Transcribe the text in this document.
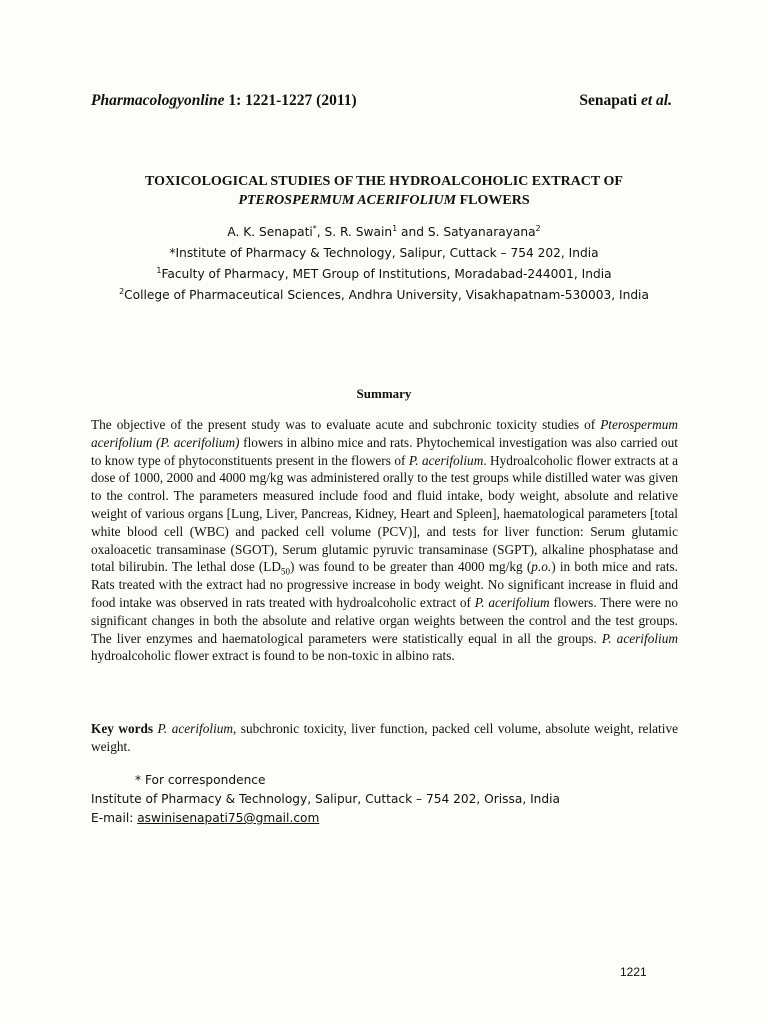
Pharmacologyonline 1: 1221-1227 (2011)	Senapati et al.
TOXICOLOGICAL STUDIES OF THE HYDROALCOHOLIC EXTRACT OF
PTEROSPERMUM ACERIFOLIUM FLOWERS
A. K. Senapati*, S. R. Swain$^1$ and S. Satyanarayana$^2$
*Institute of Pharmacy & Technology, Salipur, Cuttack – 754 202, India
$^1$Faculty of Pharmacy, MET Group of Institutions, Moradabad-244001, India
$^2$College of Pharmaceutical Sciences, Andhra University, Visakhapatnam-530003, India
Summary
The objective of the present study was to evaluate acute and subchronic toxicity studies of Pterospermum acerifolium (P. acerifolium) flowers in albino mice and rats. Phytochemical investigation was also carried out to know type of phytoconstituents present in the flowers of P. acerifolium. Hydroalcoholic flower extracts at a dose of 1000, 2000 and 4000 mg/kg was administered orally to the test groups while distilled water was given to the control. The parameters measured include food and fluid intake, body weight, absolute and relative weight of various organs [Lung, Liver, Pancreas, Kidney, Heart and Spleen], haematological parameters [total white blood cell (WBC) and packed cell volume (PCV)], and tests for liver function: Serum glutamic oxaloacetic transaminase (SGOT), Serum glutamic pyruvic transaminase (SGPT), alkaline phosphatase and total bilirubin. The lethal dose $(LD_{50})$ was found to be greater than 4000 mg/kg (p.o.) in both mice and rats. Rats treated with the extract had no progressive increase in body weight. No significant increase in fluid and food intake was observed in rats treated with hydroalcoholic extract of P. acerifolium flowers. There were no significant changes in both the absolute and relative organ weights between the control and the test groups. The liver enzymes and haematological parameters were statistically equal in all the groups. P. acerifolium hydroalcoholic flower extract is found to be non-toxic in albino rats.
Key words P. acerifolium, subchronic toxicity, liver function, packed cell volume, absolute weight, relative weight.
* For correspondence
Institute of Pharmacy & Technology, Salipur, Cuttack – 754 202, Orissa, India
E-mail: aswinisenapati75@gmail.com
1221
